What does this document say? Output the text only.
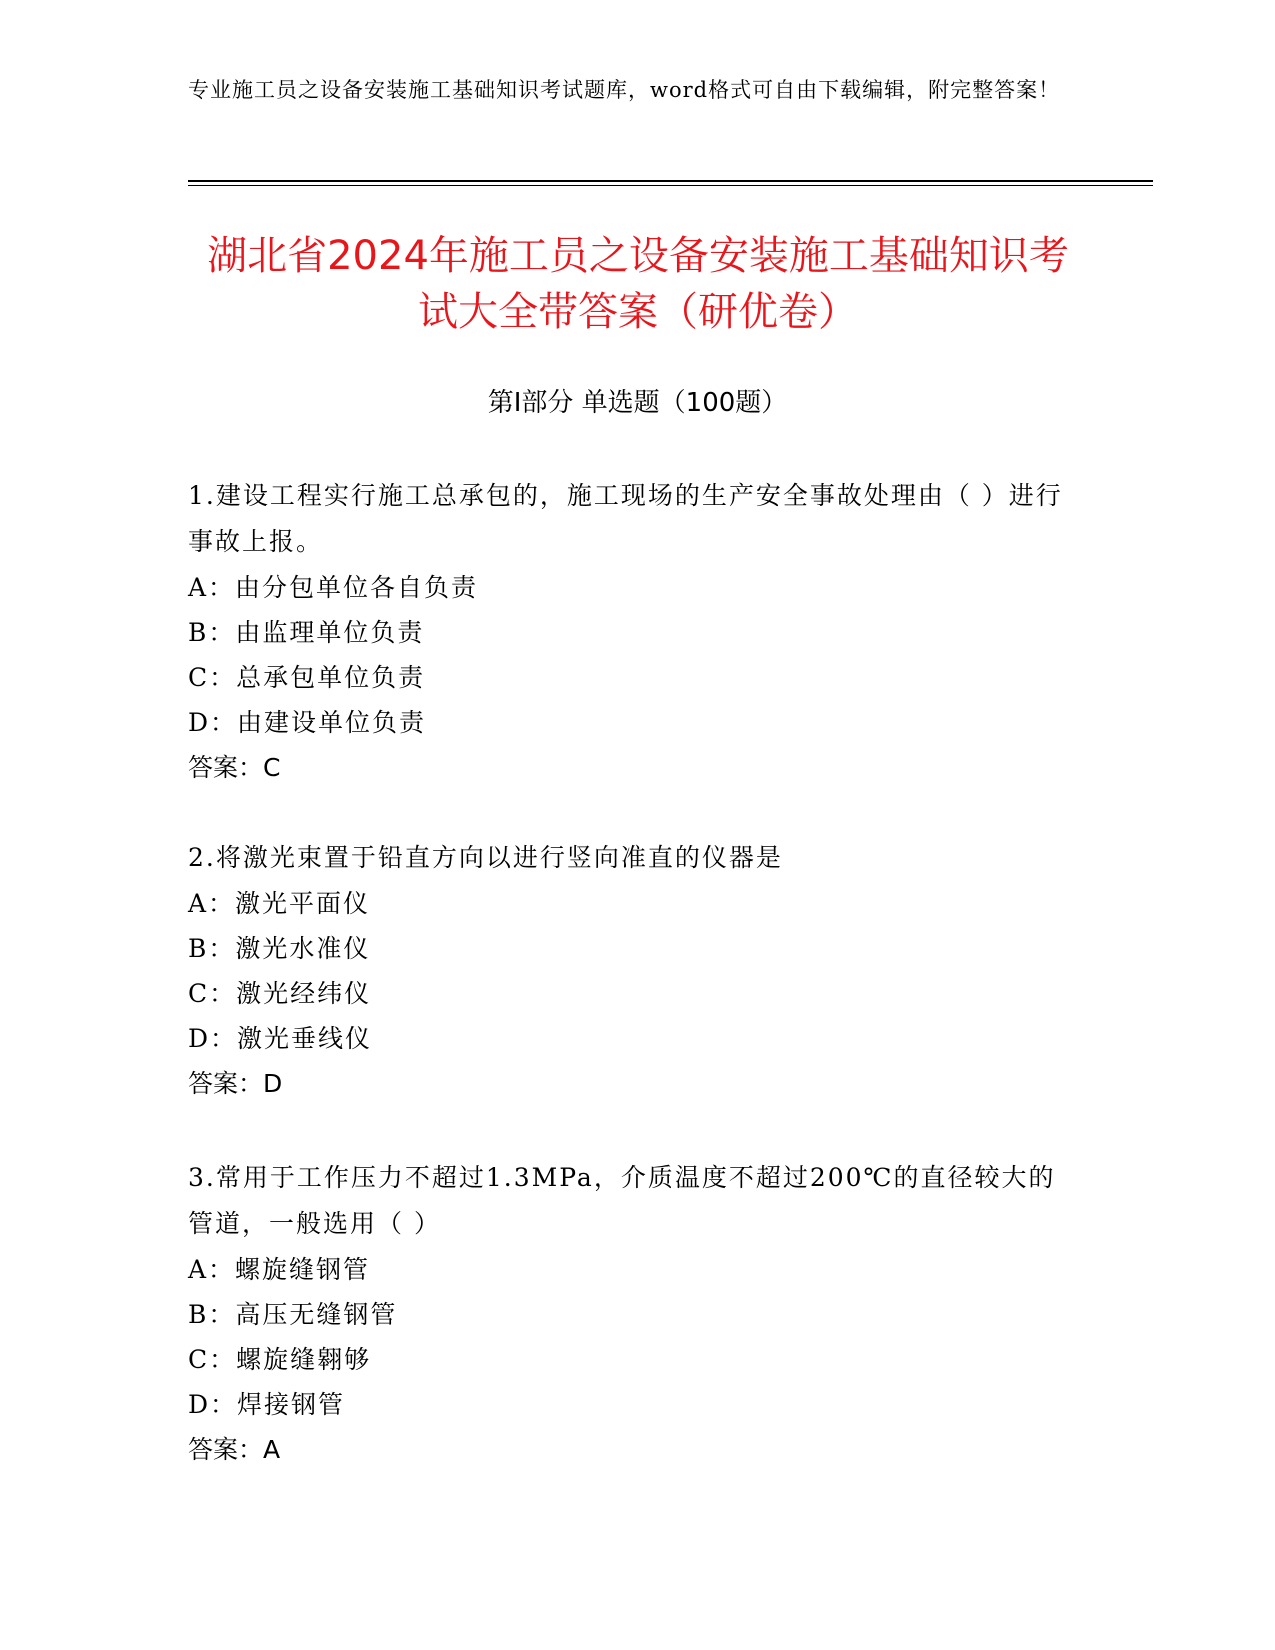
专业施工员之设备安装施工基础知识考试题库，word格式可自由下载编辑，附完整答案！
湖北省2024年施工员之设备安装施工基础知识考试大全带答案（研优卷）
第Ⅰ部分 单选题（100题）
1.建设工程实行施工总承包的，施工现场的生产安全事故处理由（ ）进行事故上报。
A：由分包单位各自负责
B：由监理单位负责
C：总承包单位负责
D：由建设单位负责
答案：C
2.将激光束置于铅直方向以进行竖向准直的仪器是
A：激光平面仪
B：激光水准仪
C：激光经纬仪
D：激光垂线仪
答案：D
3.常用于工作压力不超过1.3MPa，介质温度不超过200℃的直径较大的管道，一般选用（ ）
A：螺旋缝钢管
B：高压无缝钢管
C：螺旋缝翱够
D：焊接钢管
答案：A
